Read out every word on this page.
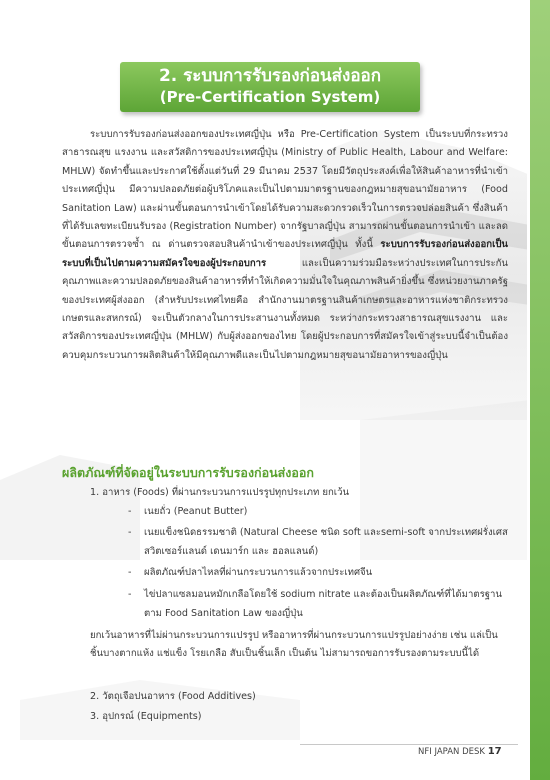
2. ระบบการรับรองก่อนส่งออก
(Pre-Certification System)

ระบบการรับรองก่อนส่งออกของประเทศญี่ปุ่น หรือ Pre-Certification System เป็นระบบที่กระทรวงสาธารณสุข แรงงาน และสวัสดิการของประเทศญี่ปุ่น (Ministry of Public Health, Labour and Welfare: MHLW) จัดทำขึ้นและประกาศใช้ตั้งแต่วันที่ 29 มีนาคม 2537 โดยมีวัตถุประสงค์เพื่อให้สินค้าอาหารที่นำเข้าประเทศญี่ปุ่น มีความปลอดภัยต่อผู้บริโภคและเป็นไปตามมาตรฐานของกฎหมายสุขอนามัยอาหาร (Food Sanitation Law) และผ่านขั้นตอนการนำเข้าโดยได้รับความสะดวกรวดเร็วในการตรวจปล่อยสินค้า ซึ่งสินค้าที่ได้รับเลขทะเบียนรับรอง (Registration Number) จากรัฐบาลญี่ปุ่น สามารถผ่านขั้นตอนการนำเข้า และลดขั้นตอนการตรวจซ้ำ ณ ด่านตรวจสอบสินค้านำเข้าของประเทศญี่ปุ่น ทั้งนี้ ระบบการรับรองก่อนส่งออกเป็นระบบที่เป็นไปตามความสมัครใจของผู้ประกอบการ และเป็นความร่วมมือระหว่างประเทศในการประกันคุณภาพและความปลอดภัยของสินค้าอาหารที่ทำให้เกิดความมั่นใจในคุณภาพสินค้ายิ่งขึ้น ซึ่งหน่วยงานภาครัฐของประเทศผู้ส่งออก (สำหรับประเทศไทยคือ สำนักงานมาตรฐานสินค้าเกษตรและอาหารแห่งชาติกระทรวงเกษตรและสหกรณ์) จะเป็นตัวกลางในการประสานงานทั้งหมด ระหว่างกระทรวงสาธารณสุขแรงงาน และสวัสดิการของประเทศญี่ปุ่น (MHLW) กับผู้ส่งออกของไทย โดยผู้ประกอบการที่สมัครใจเข้าสู่ระบบนี้จำเป็นต้องควบคุมกระบวนการผลิตสินค้าให้มีคุณภาพดีและเป็นไปตามกฎหมายสุขอนามัยอาหารของญี่ปุ่น

ผลิตภัณฑ์ที่จัดอยู่ในระบบการรับรองก่อนส่งออก
1. อาหาร (Foods) ที่ผ่านกระบวนการแปรรูปทุกประเภท ยกเว้น
- เนยถั่ว (Peanut Butter)
- เนยแข็งชนิดธรรมชาติ (Natural Cheese ชนิด soft และsemi-soft จากประเทศฝรั่งเศส
สวิตเซอร์แลนด์ เดนมาร์ก และ ฮอลแลนด์)
- ผลิตภัณฑ์ปลาไหลที่ผ่านกระบวนการแล้วจากประเทศจีน
- ไข่ปลาแซลมอนหมักเกลือโดยใช้ sodium nitrate และต้องเป็นผลิตภัณฑ์ที่ได้มาตรฐาน
ตาม Food Sanitation Law ของญี่ปุ่น

ยกเว้นอาหารที่ไม่ผ่านกระบวนการแปรรูป หรืออาหารที่ผ่านกระบวนการแปรรูปอย่างง่าย เช่น แล่เป็นชิ้นบางตากแห้ง แช่แข็ง โรยเกลือ สับเป็นชิ้นเล็ก เป็นต้น ไม่สามารถขอการรับรองตามระบบนี้ได้

2. วัตถุเจือปนอาหาร (Food Additives)
3. อุปกรณ์ (Equipments)
NFI JAPAN DESK 17
